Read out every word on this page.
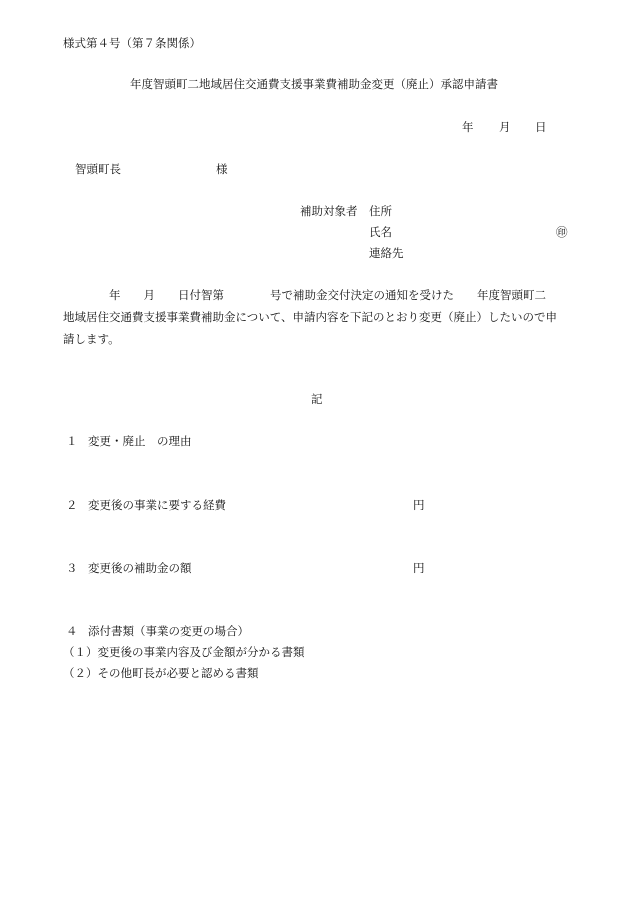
様式第４号（第７条関係）
年度智頭町二地域居住交通費支援事業費補助金変更（廃止）承認申請書
年 月 日
智頭町長	様
補助対象者 住所
氏名	㊞
連絡先
　　　　年　　月　　日付智第　　　　号で補助金交付決定の通知を受けた　　年度智頭町二
地域居住交通費支援事業費補助金について、申請内容を下記のとおり変更（廃止）したいので申
請します。
記
１ 変更・廃止　の理由
２ 変更後の事業に要する経費	円
３ 変更後の補助金の額	円
４ 添付書類（事業の変更の場合）
（１）変更後の事業内容及び金額が分かる書類
（２）その他町長が必要と認める書類
